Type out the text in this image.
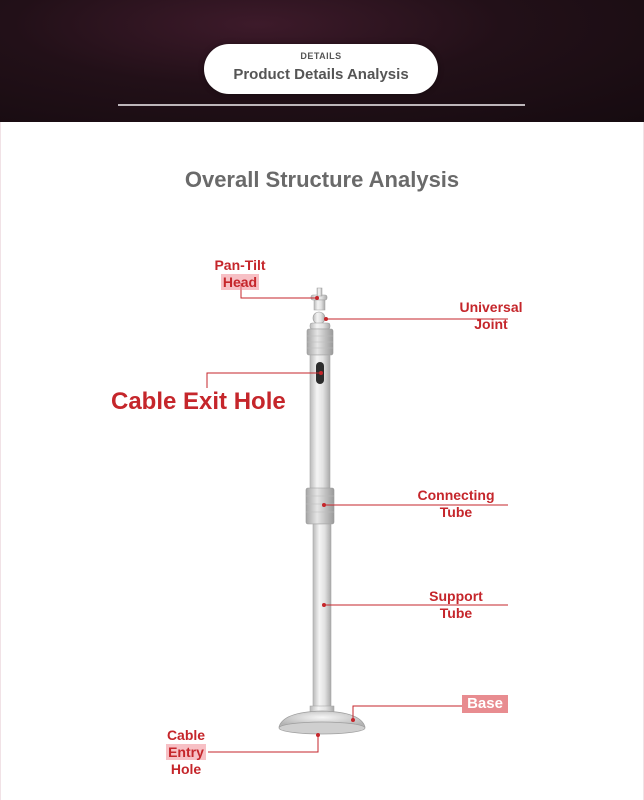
DETAILS
Product Details Analysis
Overall Structure Analysis
Pan-Tilt
Head
Universal
Joint
Cable Exit Hole
Connecting
Tube
Support
Tube
Base
Cable
Entry
Hole
